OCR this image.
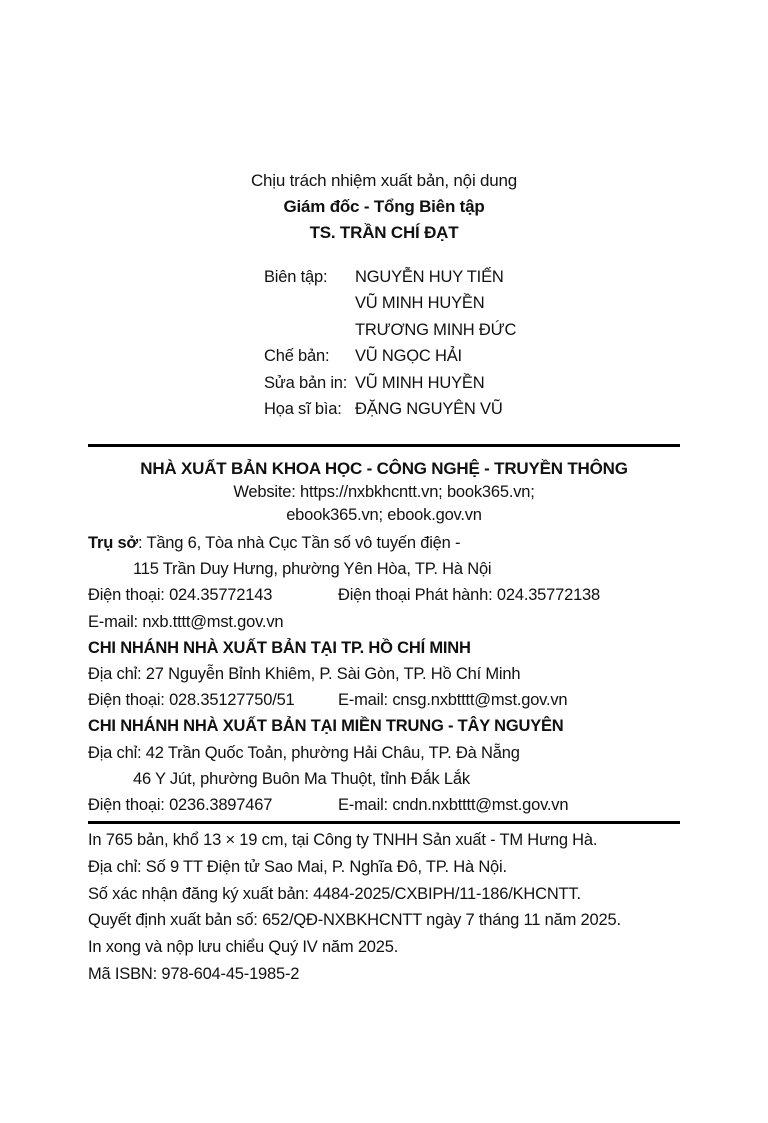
Chịu trách nhiệm xuất bản, nội dung
Giám đốc - Tổng Biên tập
TS. TRẦN CHÍ ĐẠT
Biên tập:	NGUYỄN HUY TIẾN
VŨ MINH HUYỀN
TRƯƠNG MINH ĐỨC
Chế bản:	VŨ NGỌC HẢI
Sửa bản in: VŨ MINH HUYỀN
Họa sĩ bìa: ĐẶNG NGUYÊN VŨ
NHÀ XUẤT BẢN KHOA HỌC - CÔNG NGHỆ - TRUYỀN THÔNG
Website: https://nxbkhcntt.vn; book365.vn;
ebook365.vn; ebook.gov.vn
Trụ sở: Tầng 6, Tòa nhà Cục Tần số vô tuyến điện -
115 Trần Duy Hưng, phường Yên Hòa, TP. Hà Nội
Điện thoại: 024.35772143	Điện thoại Phát hành: 024.35772138
E-mail: nxb.tttt@mst.gov.vn
CHI NHÁNH NHÀ XUẤT BẢN TẠI TP. HỒ CHÍ MINH
Địa chỉ: 27 Nguyễn Bỉnh Khiêm, P. Sài Gòn, TP. Hồ Chí Minh
Điện thoại: 028.35127750/51	E-mail: cnsg.nxbtttt@mst.gov.vn
CHI NHÁNH NHÀ XUẤT BẢN TẠI MIỀN TRUNG - TÂY NGUYÊN
Địa chỉ: 42 Trần Quốc Toản, phường Hải Châu, TP. Đà Nẵng
46 Y Jút, phường Buôn Ma Thuột, tỉnh Đắk Lắk
Điện thoại: 0236.3897467	E-mail: cndn.nxbtttt@mst.gov.vn
In 765 bản, khổ 13 × 19 cm, tại Công ty TNHH Sản xuất - TM Hưng Hà.
Địa chỉ: Số 9 TT Điện tử Sao Mai, P. Nghĩa Đô, TP. Hà Nội.
Số xác nhận đăng ký xuất bản: 4484-2025/CXBIPH/11-186/KHCNTT.
Quyết định xuất bản số: 652/QĐ-NXBKHCNTT ngày 7 tháng 11 năm 2025.
In xong và nộp lưu chiểu Quý IV năm 2025.
Mã ISBN: 978-604-45-1985-2
